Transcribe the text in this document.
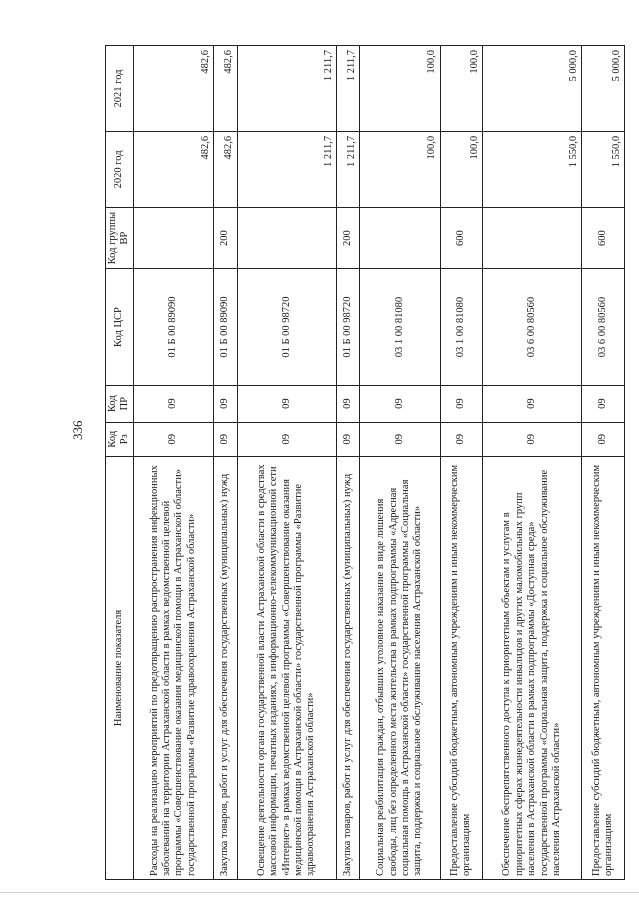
336
Наименование показателя	Код Рз	Код ПР	Код ЦСР	Код группы ВР	2020 год	2021 год
Расходы на реализацию мероприятий по предотвращению распространения инфекционных заболеваний на территории Астраханской области в рамках ведомственной целевой программы «Совершенствование оказания медицинской помощи в Астраханской области» государственной программы «Развитие здравоохранения Астраханской области»	09	09	01 Б 00 89090		482,6	482,6
Закупка товаров, работ и услуг для обеспечения государственных (муниципальных) нужд	09	09	01 Б 00 89090	200	482,6	482,6
Освещение деятельности органа государственной власти Астраханской области в средствах массовой информации, печатных изданиях, в информационно-телекоммуникационной сети «Интернет» в рамках ведомственной целевой программы «Совершенствование оказания медицинской помощи в Астраханской области» государственной программы «Развитие здравоохранения Астраханской области»	09	09	01 Б 00 98720		1 211,7	1 211,7
Закупка товаров, работ и услуг для обеспечения государственных (муниципальных) нужд	09	09	01 Б 00 98720	200	1 211,7	1 211,7
Социальная реабилитация граждан, отбывших уголовное наказание в виде лишения свободы, лиц без определенного места жительства в рамках подпрограммы «Адресная социальная помощь в Астраханской области» государственной программы «Социальная защита, поддержка и социальное обслуживание населения Астраханской области»	09	09	03 1 00 81080		100,0	100,0
Предоставление субсидий бюджетным, автономным учреждениям и иным некоммерческим организациям	09	09	03 1 00 81080	600	100,0	100,0
Обеспечение беспрепятственного доступа к приоритетным объектам и услугам в приоритетных сферах жизнедеятельности инвалидов и других маломобильных групп населения в Астраханской области в рамках подпрограммы «Доступная среда» государственной программы «Социальная защита, поддержка и социальное обслуживание населения Астраханской области»	09	09	03 6 00 80560		1 550,0	5 000,0
Предоставление субсидий бюджетным, автономным учреждениям и иным некоммерческим организациям	09	09	03 6 00 80560	600	1 550,0	5 000,0
